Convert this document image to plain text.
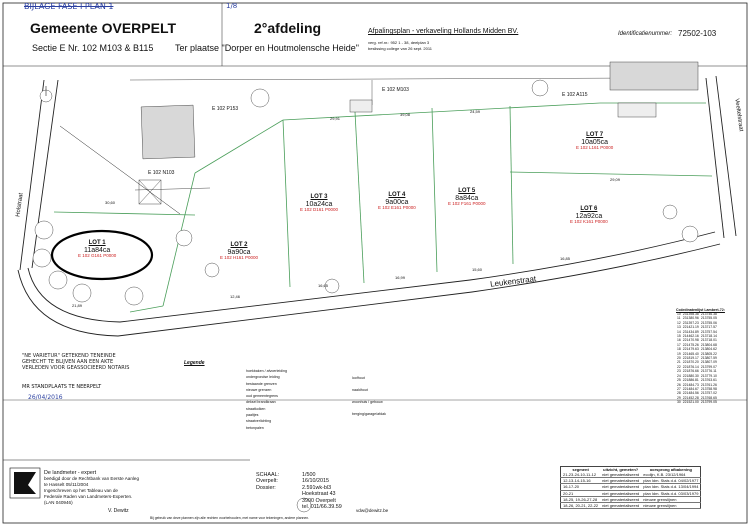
BIJLAGE FASE I PLAN 1	1/8
Gemeente OVERPELT	2°afdeling
Sectie E Nr. 102 M103 & B115 Ter plaatse "Dorper en Houtmolensche Heide"
Afpalingsplan - verkaveling Hollands Midden BV.
verg. ref.nr.: 952 1 - 38, deelplan 3
beslissing college van 26 sept. 2011
Identificatienummer: 72502-103
Leukenstraat
Holstraat
Veeltelstraat
E 102 P153
E 102 M103
E 102 A115
E 102 N103
LOT 1
11a84ca
E 102 G161 P0000
LOT 2
9a90ca
E 102 H161 P0000
LOT 3
10a24ca
E 102 D161 P0000
LOT 4
9a00ca
E 102 E161 P0000
LOT 5
8a84ca
E 102 F161 P0000
LOT 6
12a92ca
E 102 K161 P0000
LOT 7
10a05ca
E 102 L161 P0000
21,89
12,46
16,65
16,99
15,60
16,85
39,08
24,59
29,91
29,09
30,60
Coördinatenlijst Lambert-72:
10	231398.38	213746.38
11	231380.96	213755.05
12	231397.23	213755.06
13	221421.19	213717.57
14	231434.89	213757.54
15	214462.16	213718.14
16	221470.98	213718.01
17	221475.26	213804.68
18	221479.63	213804.62
19	221465.40	213805.22
20	221819.17	213807.59
21	221870.20	213807.09
22	221876.14	213799.07
23	221876.66	213776.11
24	221880.30	213779.10
25	221886.81	213763.61
26	221484.73	213761.26
27	221484.67	213758.98
28	221484.56	213757.02
29	221452.28	213768.65
30	221521.00	213799.05
"NE VARIETUR" GETEKEND TENEINDE GEHECHT TE BLIJVEN AAN EEN AKTE VERLEDEN VOOR GEASSOCIEERD NOTARIS
MR STANDPLAATS TE NEERPELT
26/04/2016
Legende
hoekbaken / afvoerleiding
ondergrondse leiding
bestaande grenzen
nieuwe grenzen
oud gemeentegrens
deksel brandkraan
straatkolken
paaltjes
straatverlichting
betonpalen
loofhout
naaldhout
woonhuis / gebouw
berging/garage/afdak
De landmeter - expert
beëdigd door de Rechtbank van Eerste Aanleg
te Hasselt 05/11/2004
Ingeschreven op het Tableau van de
Federale Raden van Landmeters-Experten.
(LAN 040946)
V. Dewitz
Bij gebruik van deze plannen zijn alle rechten voorbehouden, met name voor tekeningen, andere plannen.
SCHAAL:	1/500
Overpelt:	16/10/2015
Dossier:	2.591wk-bl3
Hoekstraat 43
3900 Overpelt
tel. 011/66.39.59
vdw@dewitz.be
segment	uitzicht, gemeten?	oorsprong afbakening
21-23-24-10-11-12	niet gematerialiseerd	ecolijn, K.B. 23/12/1964
12-13-14-15-16	niet gematerialiseerd	plan ldm. Stals d.d. 04/02/1977
16-17-20	niet gematerialiseerd	plan ldm. Stals d.d. 13/04/1994
20-21	niet gematerialiseerd	plan ldm. Stals d.d. 03/03/1979
18-25, 19-26-27-28	niet gematerialiseerd	nieuwe grenslijnen
18-26, 20-21, 22-22	niet gematerialiseerd	nieuwe grenslijnen
